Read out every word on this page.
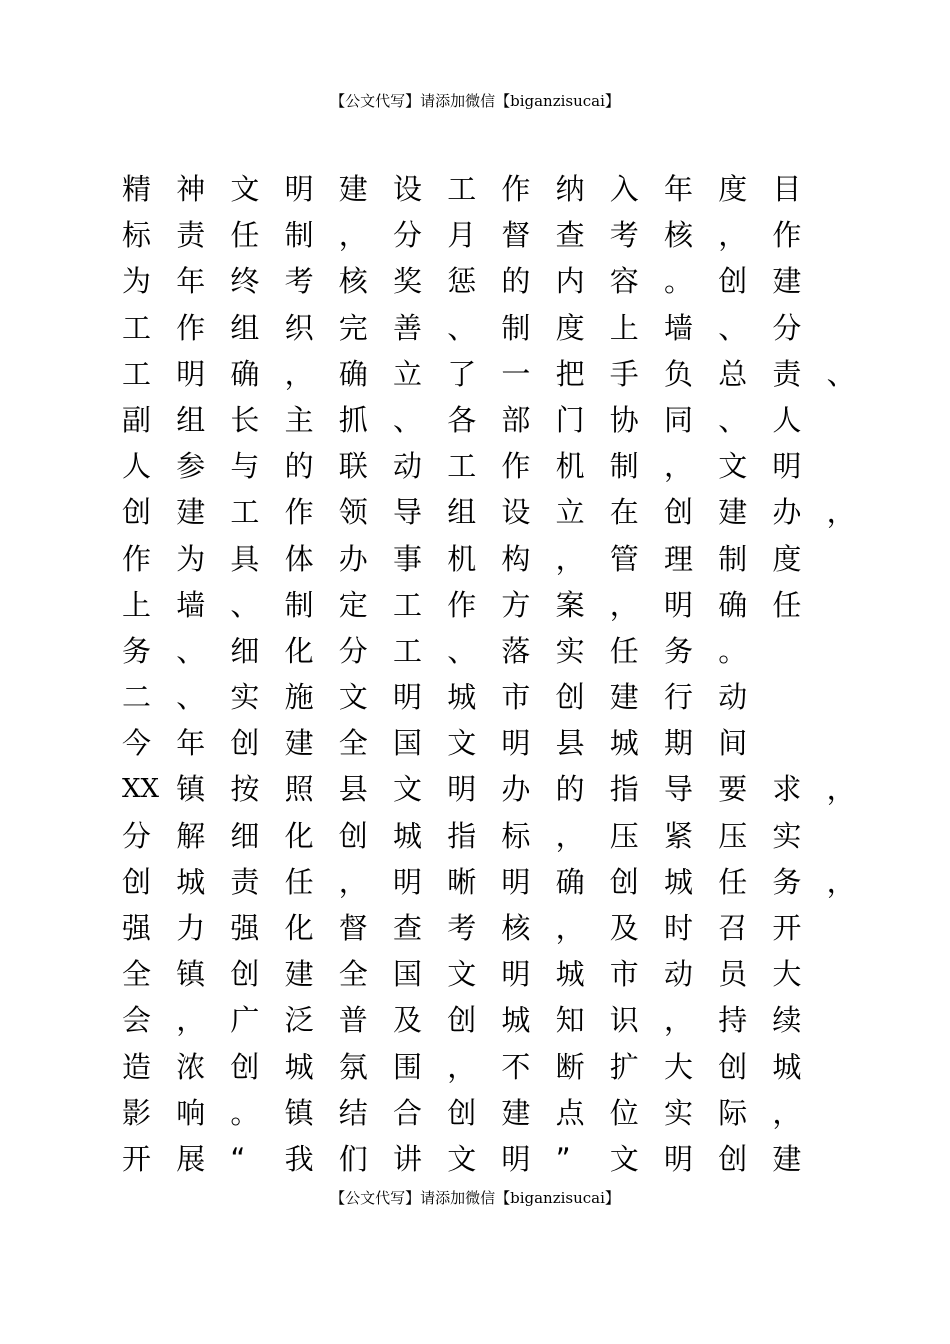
【公文代写】请添加微信【biganzisucai】
精 神 文 明 建 设 工 作 纳 入 年 度 目
标 责 任 制 ， 分 月 督 查 考 核 ， 作
为 年 终 考 核 奖 惩 的 内 容 。 创 建
工 作 组 织 完 善 、 制 度 上 墙 、 分
工 明 确 ， 确 立 了 一 把 手 负 总 责 、
副 组 长 主 抓 、 各 部 门 协 同 、 人
人 参 与 的 联 动 工 作 机 制 ， 文 明
创 建 工 作 领 导 组 设 立 在 创 建 办 ，
作 为 具 体 办 事 机 构 ， 管 理 制 度
上 墙 、 制 定 工 作 方 案 ， 明 确 任
务 、 细 化 分 工 、 落 实 任 务 。
二 、 实 施 文 明 城 市 创 建 行 动
今 年 创 建 全 国 文 明 县 城 期 间
XX 镇 按 照 县 文 明 办 的 指 导 要 求 ，
分 解 细 化 创 城 指 标 ， 压 紧 压 实
创 城 责 任 ， 明 晰 明 确 创 城 任 务 ，
强 力 强 化 督 查 考 核 ， 及 时 召 开
全 镇 创 建 全 国 文 明 城 市 动 员 大
会 ， 广 泛 普 及 创 城 知 识 ， 持 续
造 浓 创 城 氛 围 ， 不 断 扩 大 创 城
影 响 。 镇 结 合 创 建 点 位 实 际 ，
开 展 “	我 们 讲 文 明 ”	文 明 创 建
【公文代写】请添加微信【biganzisucai】
